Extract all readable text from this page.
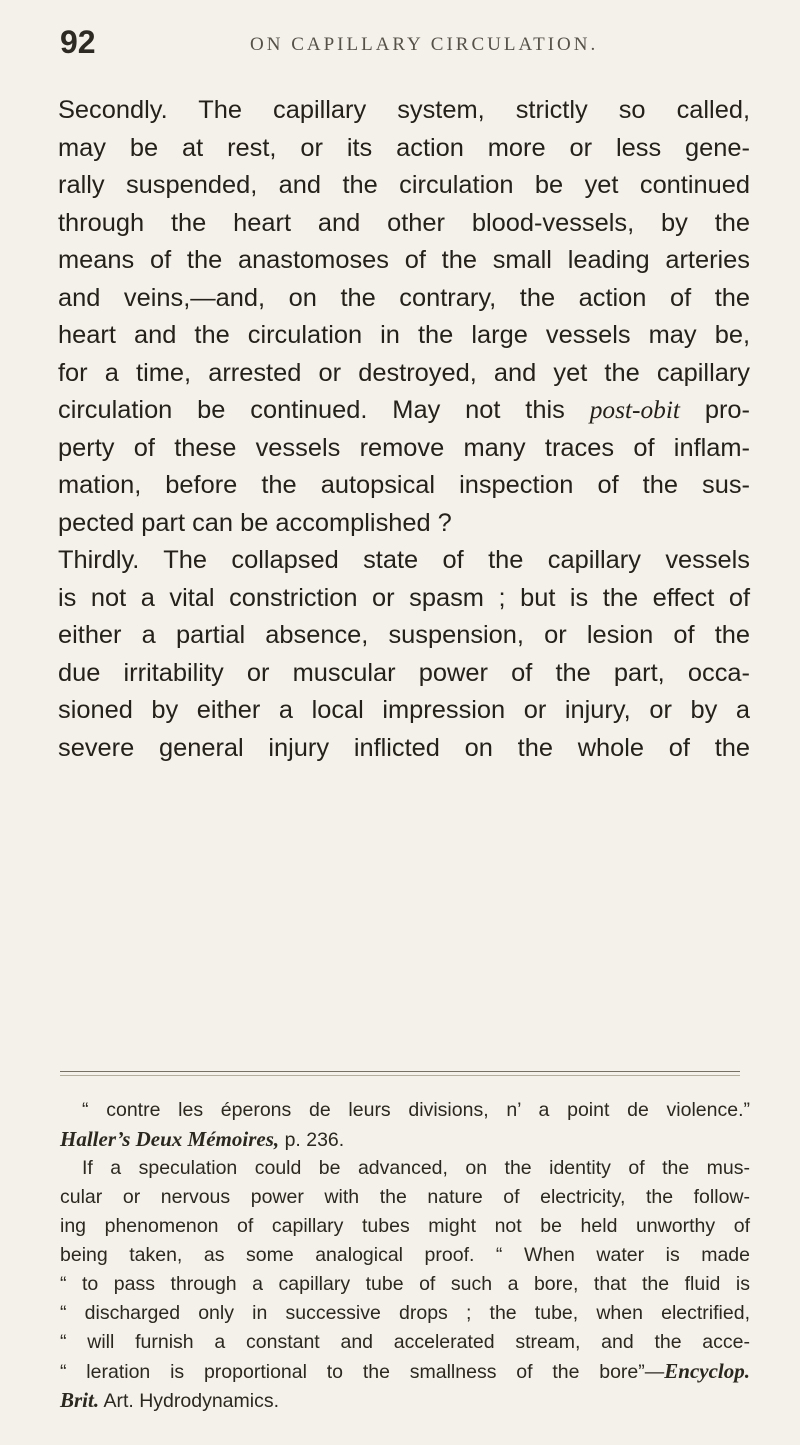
92	ON CAPILLARY CIRCULATION.
Secondly. The capillary system, strictly so called,
may be at rest, or its action more or less gene-
rally suspended, and the circulation be yet continued
through the heart and other blood-vessels, by the
means of the anastomoses of the small leading arteries
and veins,—and, on the contrary, the action of the
heart and the circulation in the large vessels may be,
for a time, arrested or destroyed, and yet the capillary
circulation be continued. May not this post-obit pro-
perty of these vessels remove many traces of inflam-
mation, before the autopsical inspection of the sus-
pected part can be accomplished ?
Thirdly. The collapsed state of the capillary vessels
is not a vital constriction or spasm ; but is the effect of
either a partial absence, suspension, or lesion of the
due irritability or muscular power of the part, occa-
sioned by either a local impression or injury, or by a
severe general injury inflicted on the whole of the
“ contre les éperons de leurs divisions, n’ a point de violence.”
Haller’s Deux Mémoires, p. 236.
If a speculation could be advanced, on the identity of the mus-
cular or nervous power with the nature of electricity, the follow-
ing phenomenon of capillary tubes might not be held unworthy of
being taken, as some analogical proof. “ When water is made
“ to pass through a capillary tube of such a bore, that the fluid is
“ discharged only in successive drops ; the tube, when electrified,
“ will furnish a constant and accelerated stream, and the acce-
“ leration is proportional to the smallness of the bore”—Encyclop.
Brit. Art. Hydrodynamics.
